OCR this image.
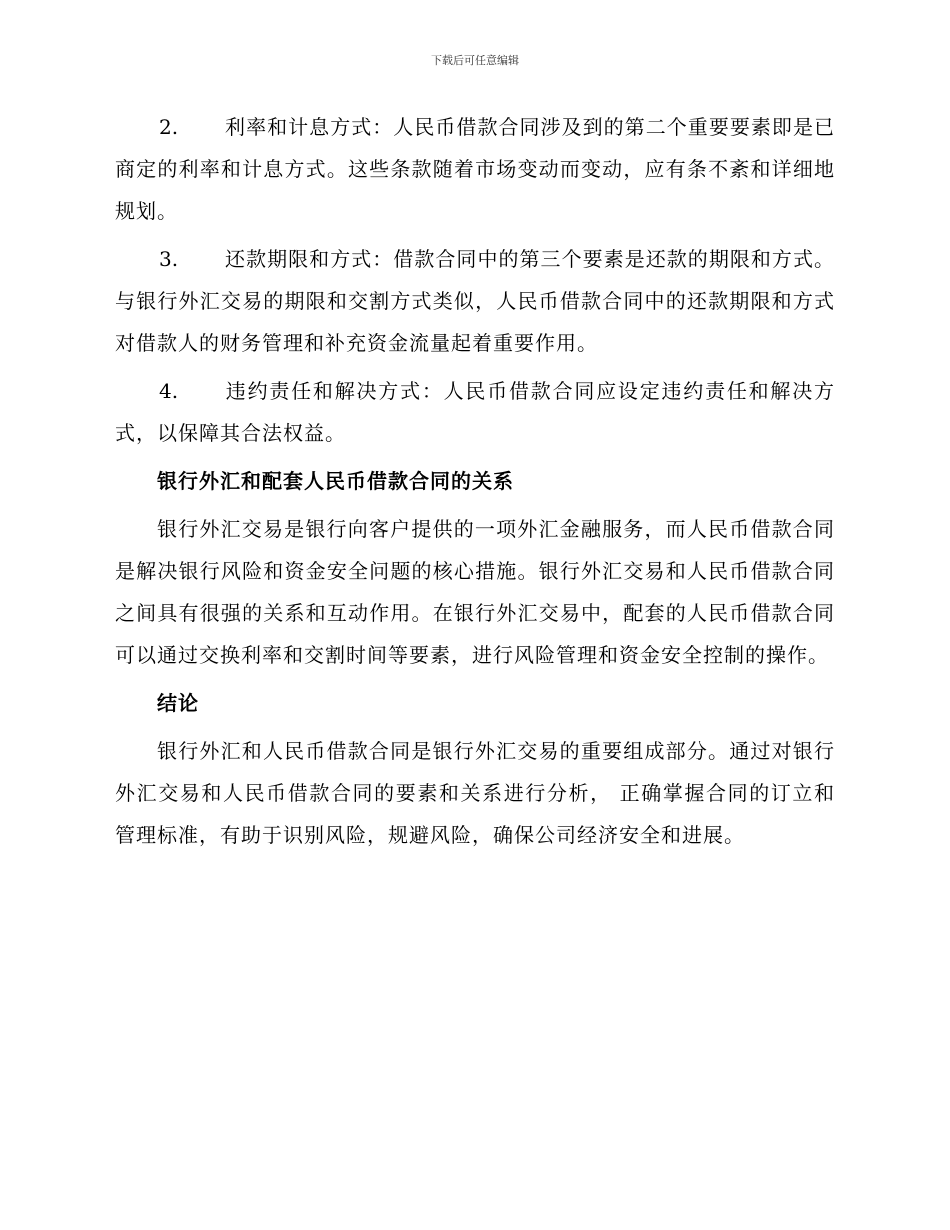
下载后可任意编辑

2. 利率和计息方式：人民币借款合同涉及到的第二个重要要素即是已商定的利率和计息方式。这些条款随着市场变动而变动，应有条不紊和详细地规划。

3. 还款期限和方式：借款合同中的第三个要素是还款的期限和方式。与银行外汇交易的期限和交割方式类似，人民币借款合同中的还款期限和方式对借款人的财务管理和补充资金流量起着重要作用。

4. 违约责任和解决方式：人民币借款合同应设定违约责任和解决方式，以保障其合法权益。

银行外汇和配套人民币借款合同的关系

银行外汇交易是银行向客户提供的一项外汇金融服务，而人民币借款合同是解决银行风险和资金安全问题的核心措施。银行外汇交易和人民币借款合同之间具有很强的关系和互动作用。在银行外汇交易中，配套的人民币借款合同可以通过交换利率和交割时间等要素，进行风险管理和资金安全控制的操作。

结论

银行外汇和人民币借款合同是银行外汇交易的重要组成部分。通过对银行外汇交易和人民币借款合同的要素和关系进行分析， 正确掌握合同的订立和管理标准，有助于识别风险，规避风险，确保公司经济安全和进展。
